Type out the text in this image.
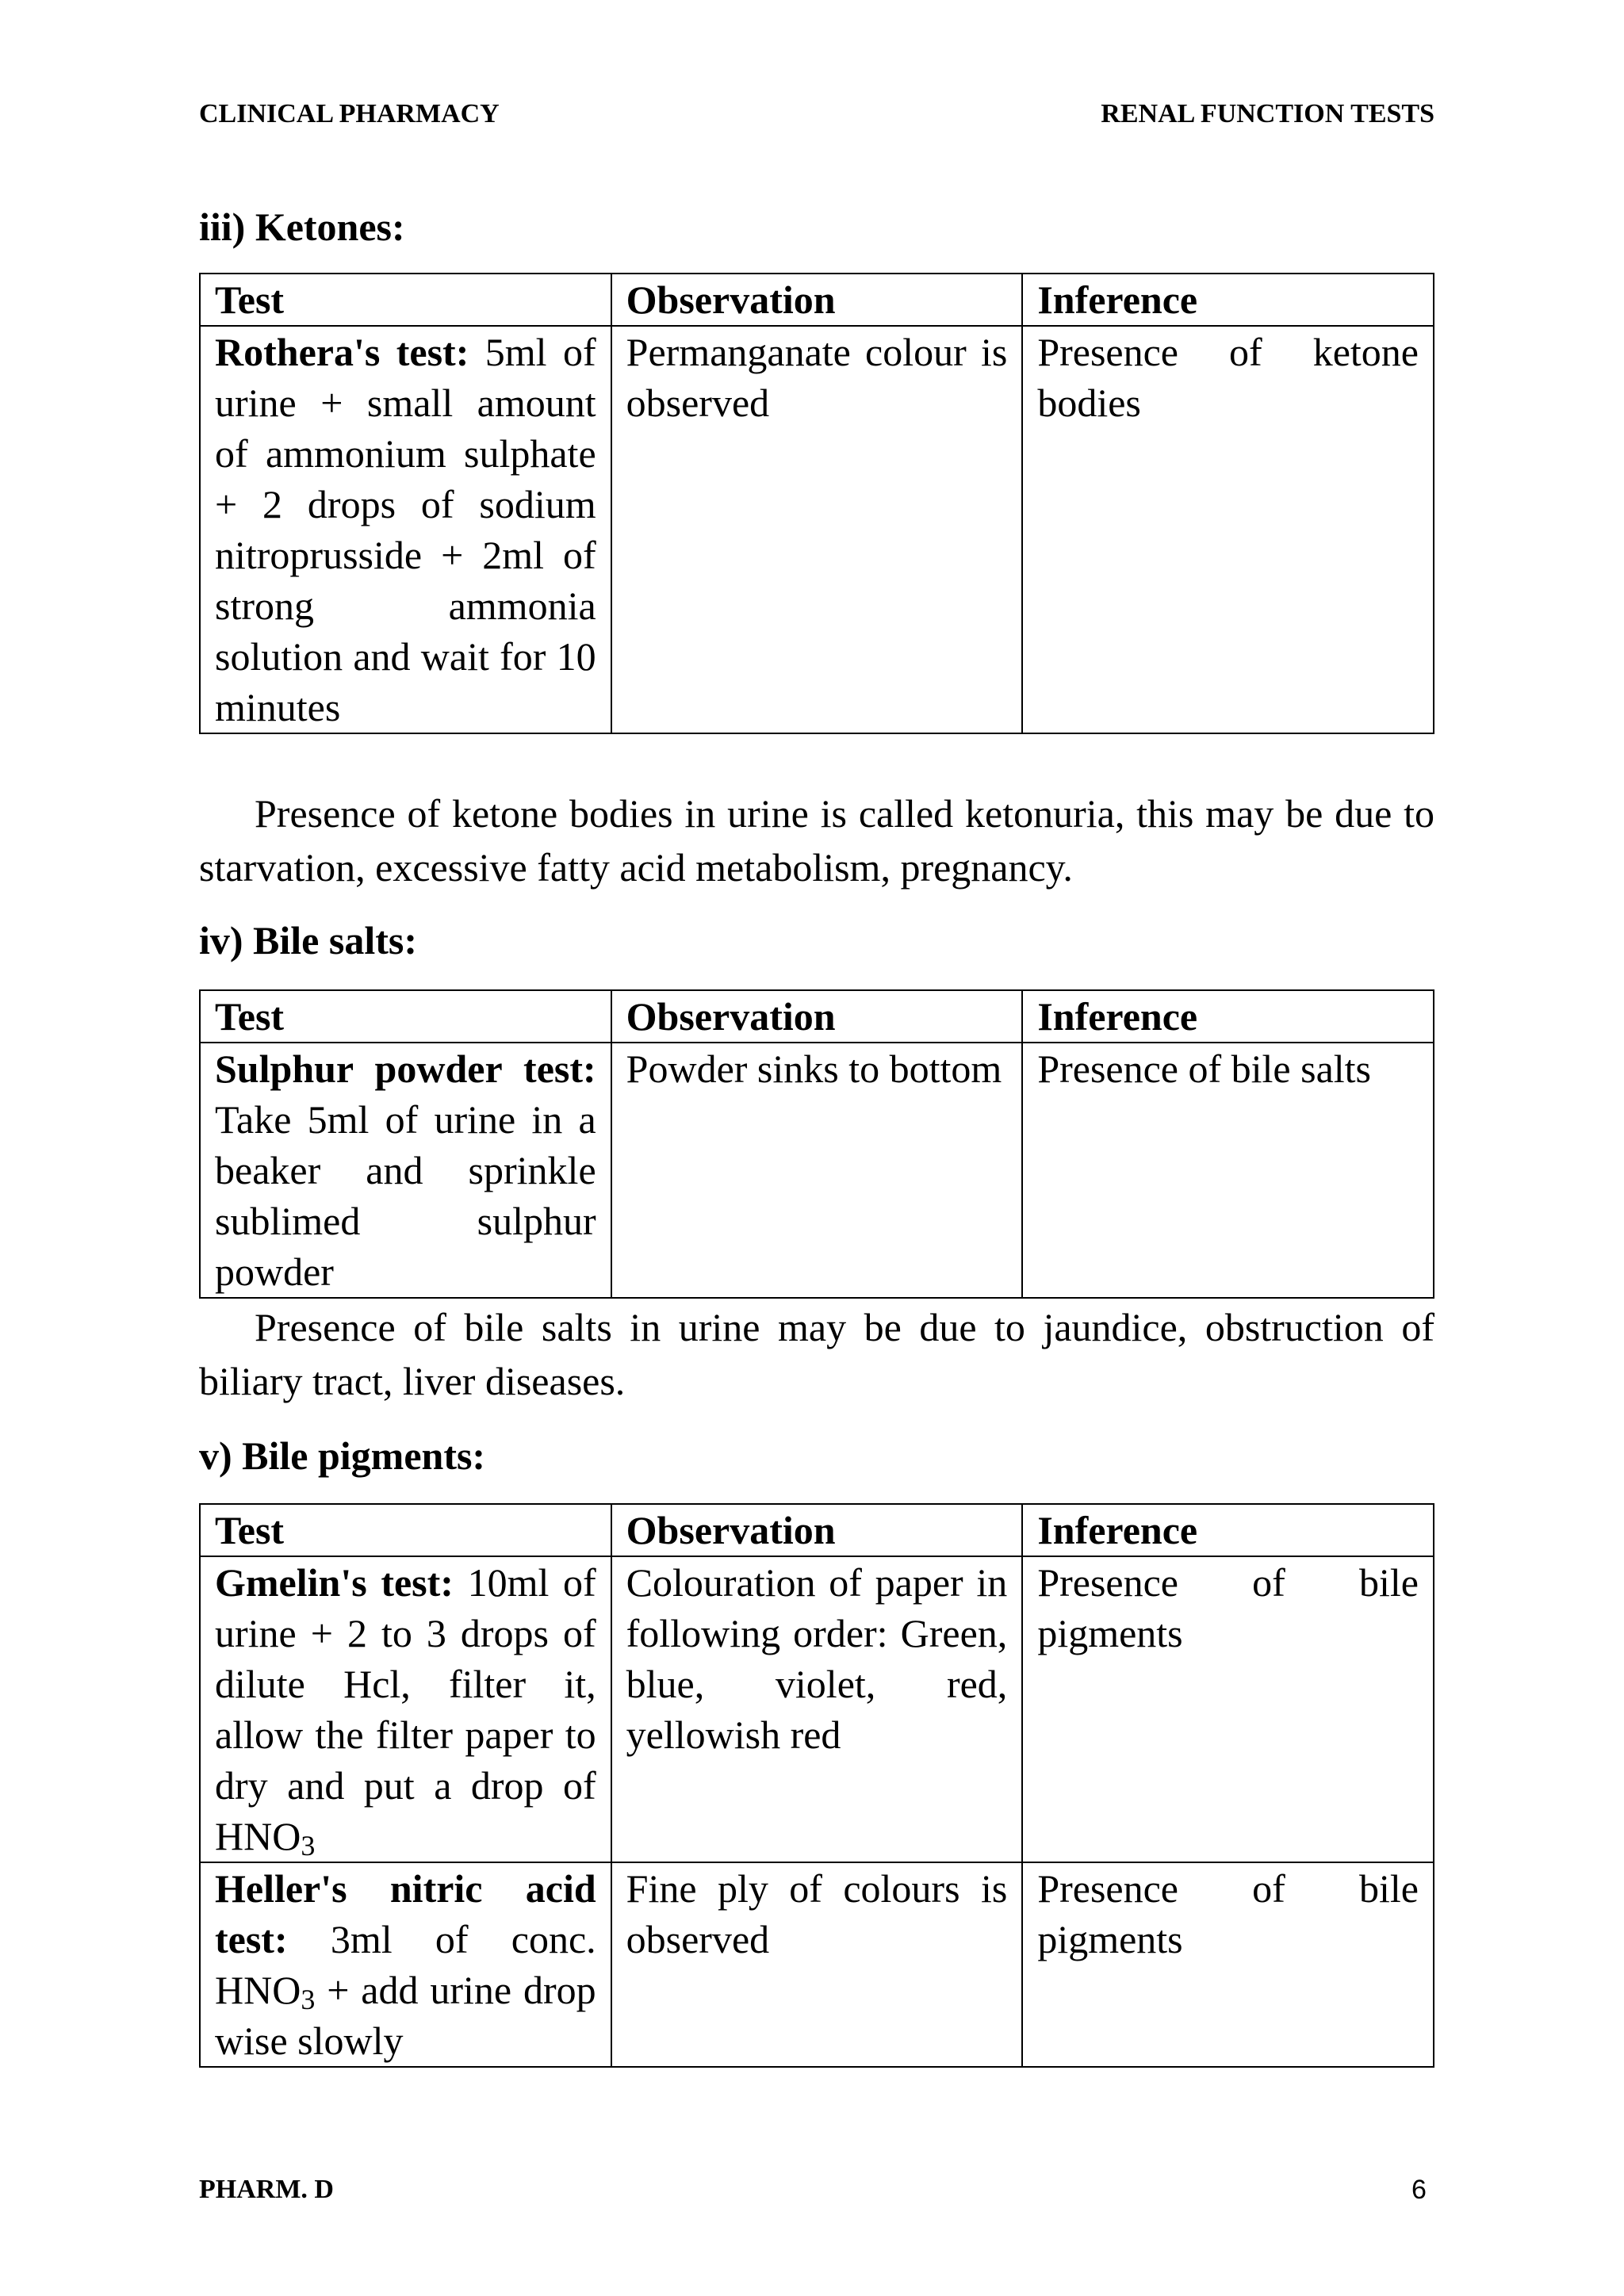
CLINICAL PHARMACY	RENAL FUNCTION TESTS
iii) Ketones:
Test	Observation	Inference
Rothera's test: 5ml of urine + small amount of ammonium sulphate + 2 drops of sodium nitroprusside + 2ml of strong ammonia solution and wait for 10 minutes	Permanganate colour is observed	Presence of ketone bodies

Presence of ketone bodies in urine is called ketonuria, this may be due to starvation, excessive fatty acid metabolism, pregnancy.

iv) Bile salts:
Test	Observation	Inference
Sulphur powder test: Take 5ml of urine in a beaker and sprinkle sublimed sulphur powder	Powder sinks to bottom	Presence of bile salts

Presence of bile salts in urine may be due to jaundice, obstruction of biliary tract, liver diseases.

v) Bile pigments:
Test	Observation	Inference
Gmelin's test: 10ml of urine + 2 to 3 drops of dilute Hcl, filter it, allow the filter paper to dry and put a drop of $HNO_3$	Colouration of paper in following order: Green, blue, violet, red, yellowish red	Presence of bile pigments
Heller's nitric acid test: 3ml of conc. $HNO_3$ + add urine drop wise slowly	Fine ply of colours is observed	Presence of bile pigments
PHARM. D	6
